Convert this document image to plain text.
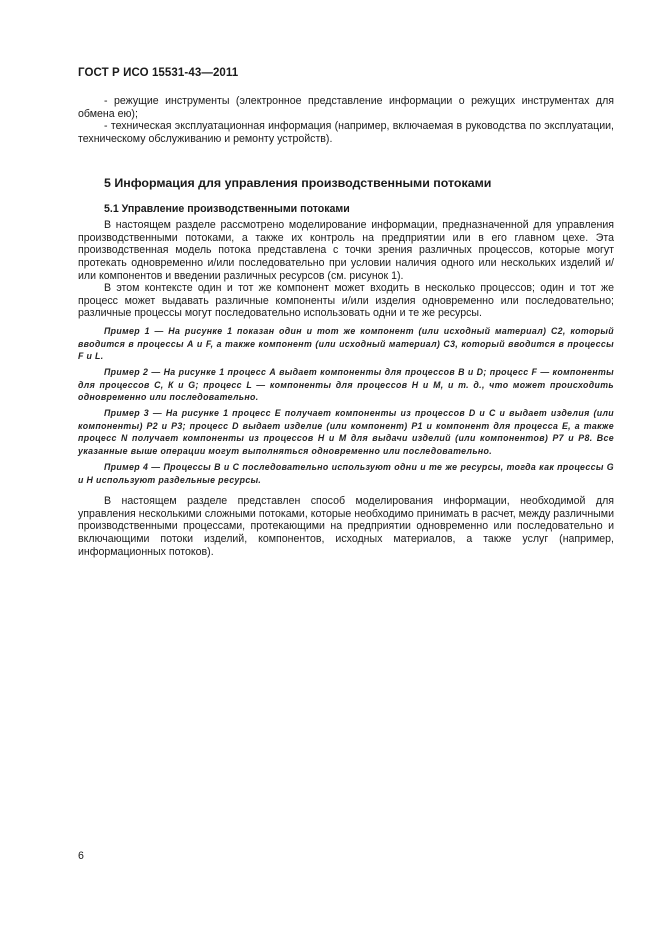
ГОСТ Р ИСО 15531-43—2011
- режущие инструменты (электронное представление информации о режущих инструментах для обмена ею);
- техническая эксплуатационная информация (например, включаемая в руководства по эксплуатации, техническому обслуживанию и ремонту устройств).
5 Информация для управления производственными потоками
5.1 Управление производственными потоками
В настоящем разделе рассмотрено моделирование информации, предназначенной для управления производственными потоками, а также их контроль на предприятии или в его главном цехе. Эта производственная модель потока представлена с точки зрения различных процессов, которые могут протекать одновременно и/или последовательно при условии наличия одного или нескольких изделий и/или компонентов и введении различных ресурсов (см. рисунок 1).
В этом контексте один и тот же компонент может входить в несколько процессов; один и тот же процесс может выдавать различные компоненты и/или изделия одновременно или последовательно; различные процессы могут последовательно использовать одни и те же ресурсы.
Пример 1 — На рисунке 1 показан один и тот же компонент (или исходный материал) С2, который вводится в процессы А и F, а также компонент (или исходный материал) С3, который вводится в процессы F и L.
Пример 2 — На рисунке 1 процесс А выдает компоненты для процессов В и D; процесс F — компоненты для процессов С, К и G; процесс L — компоненты для процессов Н и М, и т. д., что может происходить одновременно или последовательно.
Пример 3 — На рисунке 1 процесс Е получает компоненты из процессов D и С и выдает изделия (или компоненты) Р2 и Р3; процесс D выдает изделие (или компонент) Р1 и компонент для процесса Е, а также процесс N получает компоненты из процессов Н и М для выдачи изделий (или компонентов) Р7 и Р8. Все указанные выше операции могут выполняться одновременно или последовательно.
Пример 4 — Процессы В и С последовательно используют одни и те же ресурсы, тогда как процессы G и Н используют раздельные ресурсы.
В настоящем разделе представлен способ моделирования информации, необходимой для управления несколькими сложными потоками, которые необходимо принимать в расчет, между различными производственными процессами, протекающими на предприятии одновременно или последовательно и включающими потоки изделий, компонентов, исходных материалов, а также услуг (например, информационных потоков).
6
